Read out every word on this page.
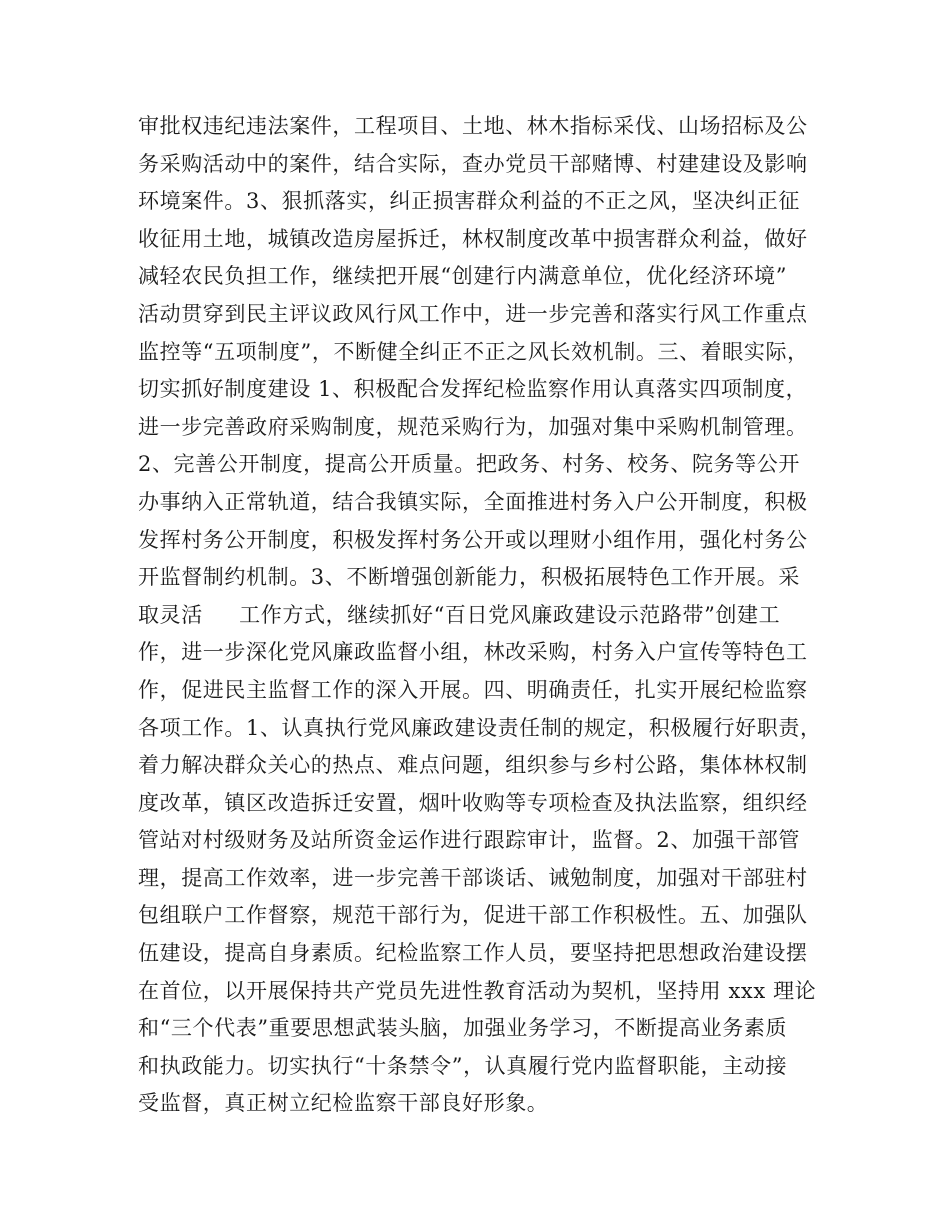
审批权违纪违法案件，工程项目、土地、林木指标采伐、山场招标及公
务采购活动中的案件，结合实际，查办党员干部赌博、村建建设及影响
环境案件。3、狠抓落实，纠正损害群众利益的不正之风，坚决纠正征
收征用土地，城镇改造房屋拆迁，林权制度改革中损害群众利益，做好
减轻农民负担工作，继续把开展“创建行内满意单位，优化经济环境”
活动贯穿到民主评议政风行风工作中，进一步完善和落实行风工作重点
监控等“五项制度”，不断健全纠正不正之风长效机制。三、着眼实际，
切实抓好制度建设 1、积极配合发挥纪检监察作用认真落实四项制度，
进一步完善政府采购制度，规范采购行为，加强对集中采购机制管理。
2、完善公开制度，提高公开质量。把政务、村务、校务、院务等公开
办事纳入正常轨道，结合我镇实际，全面推进村务入户公开制度，积极
发挥村务公开制度，积极发挥村务公开或以理财小组作用，强化村务公
开监督制约机制。3、不断增强创新能力，积极拓展特色工作开展。采
取灵活     工作方式，继续抓好“百日党风廉政建设示范路带”创建工
作，进一步深化党风廉政监督小组，林改采购，村务入户宣传等特色工
作，促进民主监督工作的深入开展。四、明确责任，扎实开展纪检监察
各项工作。1、认真执行党风廉政建设责任制的规定，积极履行好职责，
着力解决群众关心的热点、难点问题，组织参与乡村公路，集体林权制
度改革，镇区改造拆迁安置，烟叶收购等专项检查及执法监察，组织经
管站对村级财务及站所资金运作进行跟踪审计，监督。2、加强干部管
理，提高工作效率，进一步完善干部谈话、诫勉制度，加强对干部驻村
包组联户工作督察，规范干部行为，促进干部工作积极性。五、加强队
伍建设，提高自身素质。纪检监察工作人员，要坚持把思想政治建设摆
在首位，以开展保持共产党员先进性教育活动为契机，坚持用 xxx 理论
和“三个代表”重要思想武装头脑，加强业务学习，不断提高业务素质
和执政能力。切实执行“十条禁令”，认真履行党内监督职能，主动接
受监督，真正树立纪检监察干部良好形象。
